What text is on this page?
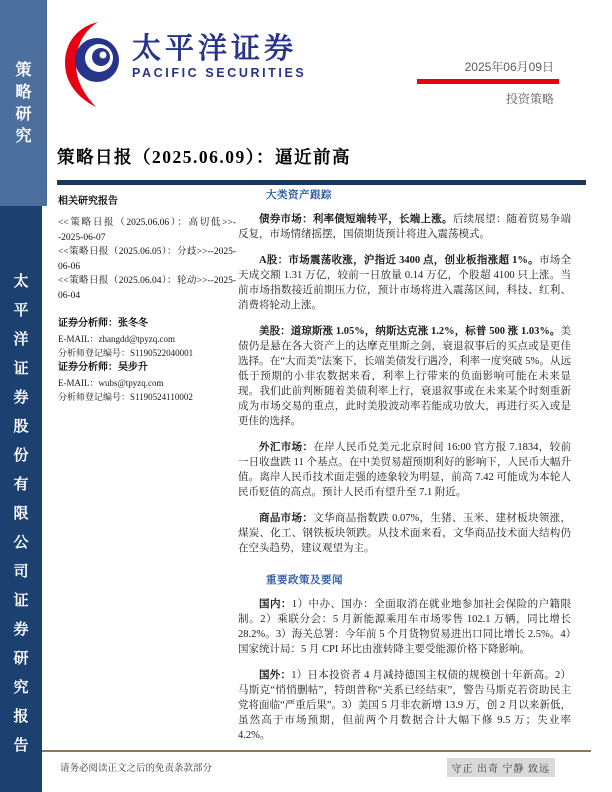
策略研究
太平洋证券股份有限公司证券研究报告
太平洋证券
PACIFIC SECURITIES	2025年06月09日
投资策略
策略日报（2025.06.09）：逼近前高
相关研究报告
<<策略日报（2025.06.06）：高切低>>--2025-06-07
<<策略日报（2025.06.05）：分歧>>--2025-06-06
<<策略日报（2025.06.04）：轮动>>--2025-06-04
证券分析师：张冬冬
E-MAIL：zhangdd@tpyzq.com
分析师登记编号：S1190522040001
证券分析师：吴步升
E-MAIL：wubs@tpyzq.com
分析师登记编号：S1190524110002
大类资产跟踪

债券市场：利率债短端转平，长端上涨。后续展望：随着贸易争端反复，市场情绪摇摆，国债期货预计将进入震荡模式。

A股：市场震荡收涨，沪指近 3400 点，创业板指涨超 1%。市场全天成交额 1.31 万亿，较前一日放量 0.14 万亿，个股超 4100 只上涨。当前市场指数接近前期压力位，预计市场将进入震荡区间，科技、红利、消费将轮动上涨。

美股：道琼斯涨 1.05%，纳斯达克涨 1.2%，标普 500 涨 1.03%。美债仍是悬在各大资产上的达摩克里斯之剑，衰退叙事后的买点或是更佳选择。在“大而美”法案下，长端美债发行遇冷，利率一度突破 5%。从远低于预期的小非农数据来看，利率上行带来的负面影响可能在未来显现。我们此前判断随着美债利率上行，衰退叙事或在未来某个时刻重新成为市场交易的重点，此时美股波动率若能成功放大，再进行买入或是更佳的选择。

外汇市场：在岸人民币兑美元北京时间 16:00 官方报 7.1834，较前一日收盘跌 11 个基点。在中美贸易超预期利好的影响下，人民币大幅升值。离岸人民币技术面走强的迹象较为明显，前高 7.42 可能成为本轮人民币贬值的高点。预计人民币有望升至 7.1 附近。

商品市场：文华商品指数跌 0.07%，生猪、玉米、建材板块领涨，煤炭、化工、钢铁板块领跌。从技术面来看，文华商品技术面大结构仍在空头趋势，建议观望为主。

重要政策及要闻

国内：1）中办、国办：全面取消在就业地参加社会保险的户籍限制。2）乘联分会：5 月新能源乘用车市场零售 102.1 万辆，同比增长 28.2%。3）海关总署：今年前 5 个月货物贸易进出口同比增长 2.5%。4）国家统计局：5 月 CPI 环比由涨转降主要受能源价格下降影响。

国外：1）日本投资者 4 月减持德国主权债的规模创十年新高。2）马斯克“悄悄删帖”，特朗普称“关系已经结束”，警告马斯克若资助民主党将面临“严重后果”。3）美国 5 月非农新增 13.9 万，创 2 月以来新低，虽然高于市场预期，但前两个月数据合计大幅下修 9.5 万；失业率 4.2%。

请务必阅读正文之后的免责条款部分	守正 出奇 宁静 致远
